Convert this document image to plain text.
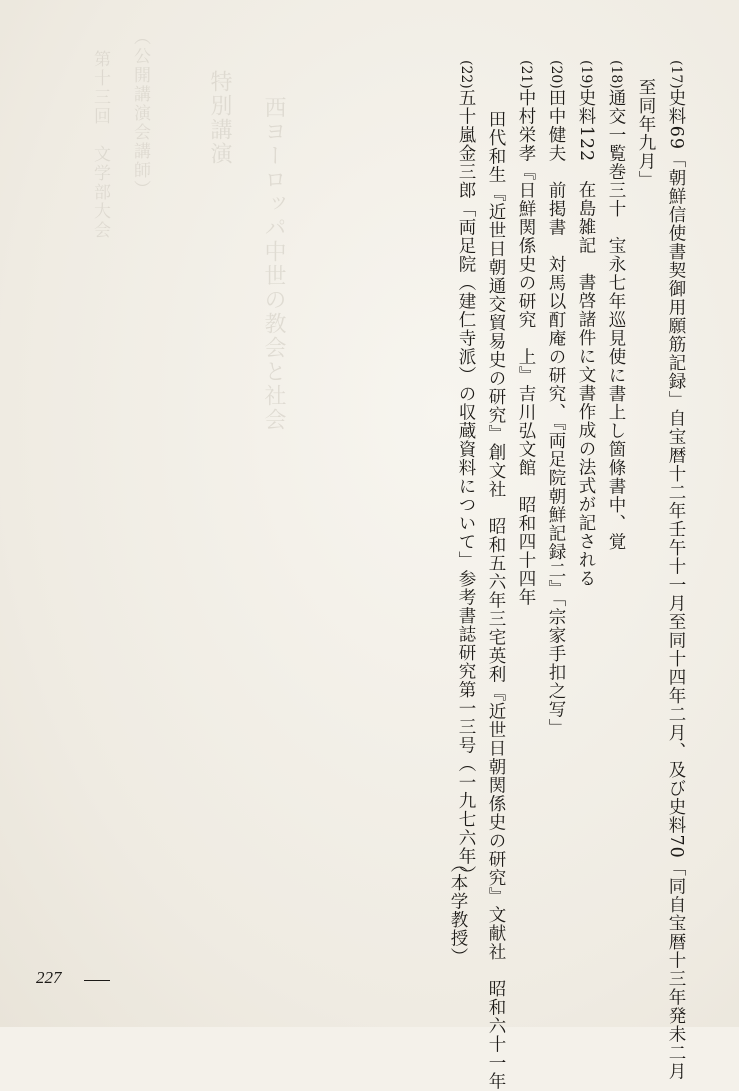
（公開講演会講師）
第十三回　文学部大会	特別講演 西ヨーロッパ中世の教会と社会
(17)史料69「朝鮮信使書契御用願筋記録」自宝暦十二年壬午十一月至同十四年二月、及び史料70「同自宝暦十三年発未二月
至同年九月」
(18)通交一覧巻三十　宝永七年巡見使に書上し箇條書中、覚
(19)史料122　在島雑記　書啓諸件に文書作成の法式が記される
(20)田中健夫　前掲書　対馬以酊庵の研究、『両足院朝鮮記録二』「宗家手扣之写」
(21)中村栄孝『日鮮関係史の研究　上』吉川弘文館　昭和四十四年
田代和生『近世日朝通交貿易史の研究』創文社　昭和五六年三宅英利『近世日朝関係史の研究』文献社　昭和六十一年
(22)五十嵐金三郎「両足院（建仁寺派）の収蔵資料について」参考書誌研究第一三号（一九七六年）
（本学教授）
227
